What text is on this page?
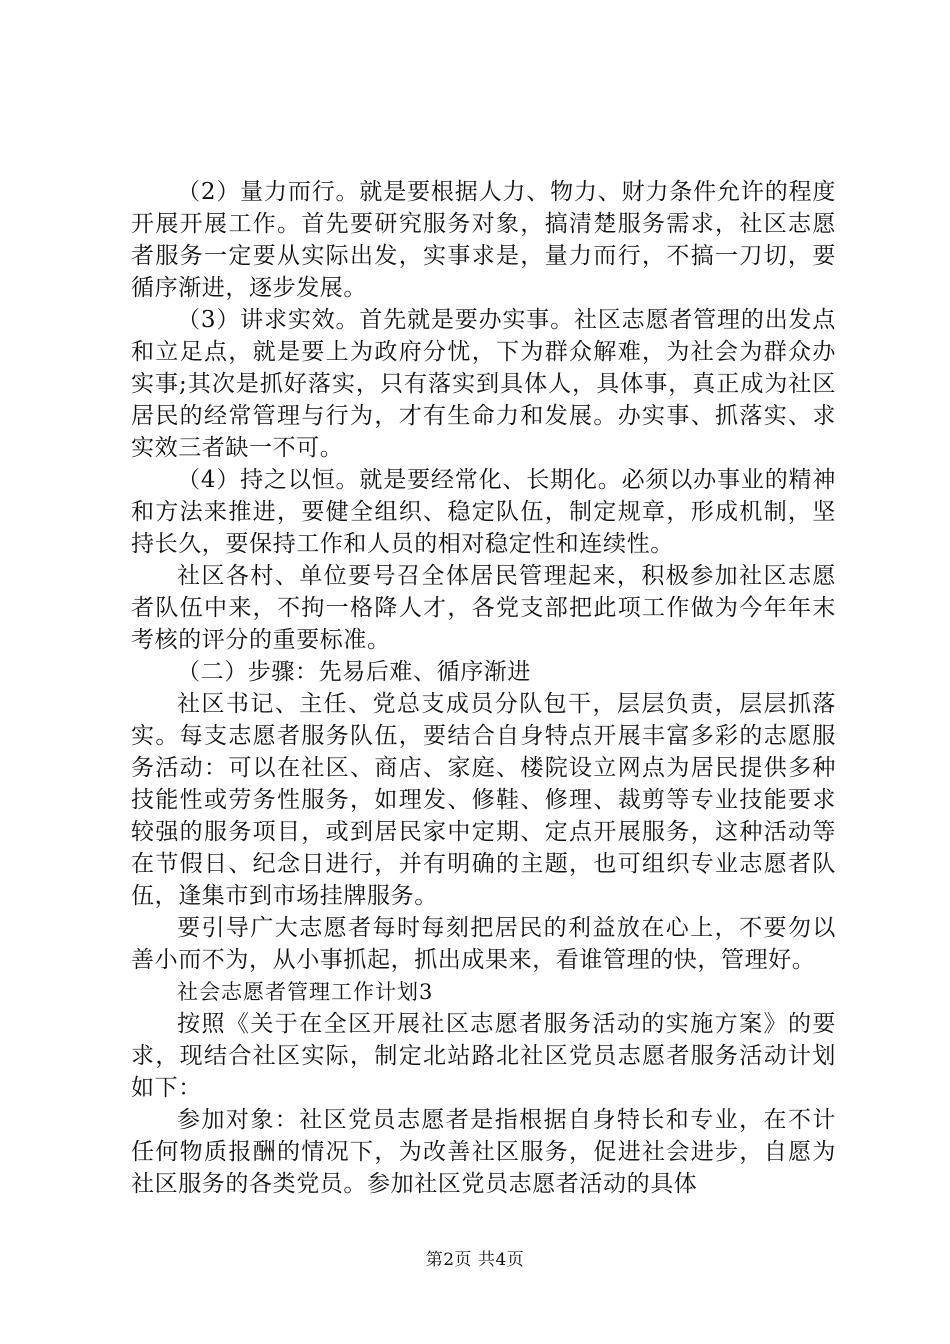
（2）量力而行。就是要根据人力、物力、财力条件允许的程度开展开展工作。首先要研究服务对象，搞清楚服务需求，社区志愿者服务一定要从实际出发，实事求是，量力而行，不搞一刀切，要循序渐进，逐步发展。

（3）讲求实效。首先就是要办实事。社区志愿者管理的出发点和立足点，就是要上为政府分忧，下为群众解难，为社会为群众办实事;其次是抓好落实，只有落实到具体人，具体事，真正成为社区居民的经常管理与行为，才有生命力和发展。办实事、抓落实、求实效三者缺一不可。

（4）持之以恒。就是要经常化、长期化。必须以办事业的精神和方法来推进，要健全组织、稳定队伍，制定规章，形成机制，坚持长久，要保持工作和人员的相对稳定性和连续性。

社区各村、单位要号召全体居民管理起来，积极参加社区志愿者队伍中来，不拘一格降人才，各党支部把此项工作做为今年年末考核的评分的重要标准。

（二）步骤：先易后难、循序渐进

社区书记、主任、党总支成员分队包干，层层负责，层层抓落实。每支志愿者服务队伍，要结合自身特点开展丰富多彩的志愿服务活动：可以在社区、商店、家庭、楼院设立网点为居民提供多种技能性或劳务性服务，如理发、修鞋、修理、裁剪等专业技能要求较强的服务项目，或到居民家中定期、定点开展服务，这种活动等在节假日、纪念日进行，并有明确的主题，也可组织专业志愿者队伍，逢集市到市场挂牌服务。

要引导广大志愿者每时每刻把居民的利益放在心上，不要勿以善小而不为，从小事抓起，抓出成果来，看谁管理的快，管理好。

社会志愿者管理工作计划3

按照《关于在全区开展社区志愿者服务活动的实施方案》的要求，现结合社区实际，制定北站路北社区党员志愿者服务活动计划如下：

参加对象：社区党员志愿者是指根据自身特长和专业，在不计任何物质报酬的情况下，为改善社区服务，促进社会进步，自愿为社区服务的各类党员。参加社区党员志愿者活动的具体

第2页 共4页
